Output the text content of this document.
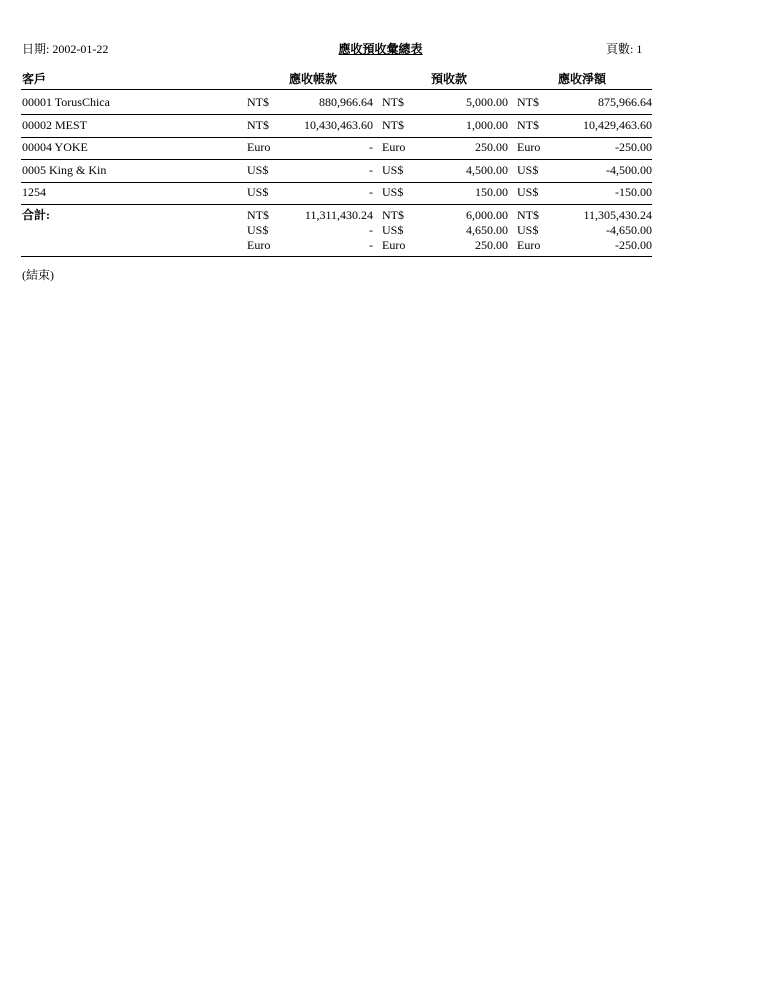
日期: 2002-01-22	應收預收彙總表	頁數: 1
客戶	應收帳款	預收款	應收淨額
00001 TorusChica	NT$	880,966.64 NT$	5,000.00 NT$	875,966.64
00002 MEST	NT$	10,430,463.60 NT$	1,000.00 NT$	10,429,463.60
00004 YOKE	Euro	- Euro	250.00 Euro	-250.00
0005 King & Kin	US$	- US$	4,500.00 US$	-4,500.00
1254	US$	- US$	150.00 US$	-150.00
合計:	NT$	11,311,430.24 NT$	6,000.00 NT$	11,305,430.24
US$	- US$	4,650.00 US$	-4,650.00
Euro	- Euro	250.00 Euro	-250.00
(結束)
